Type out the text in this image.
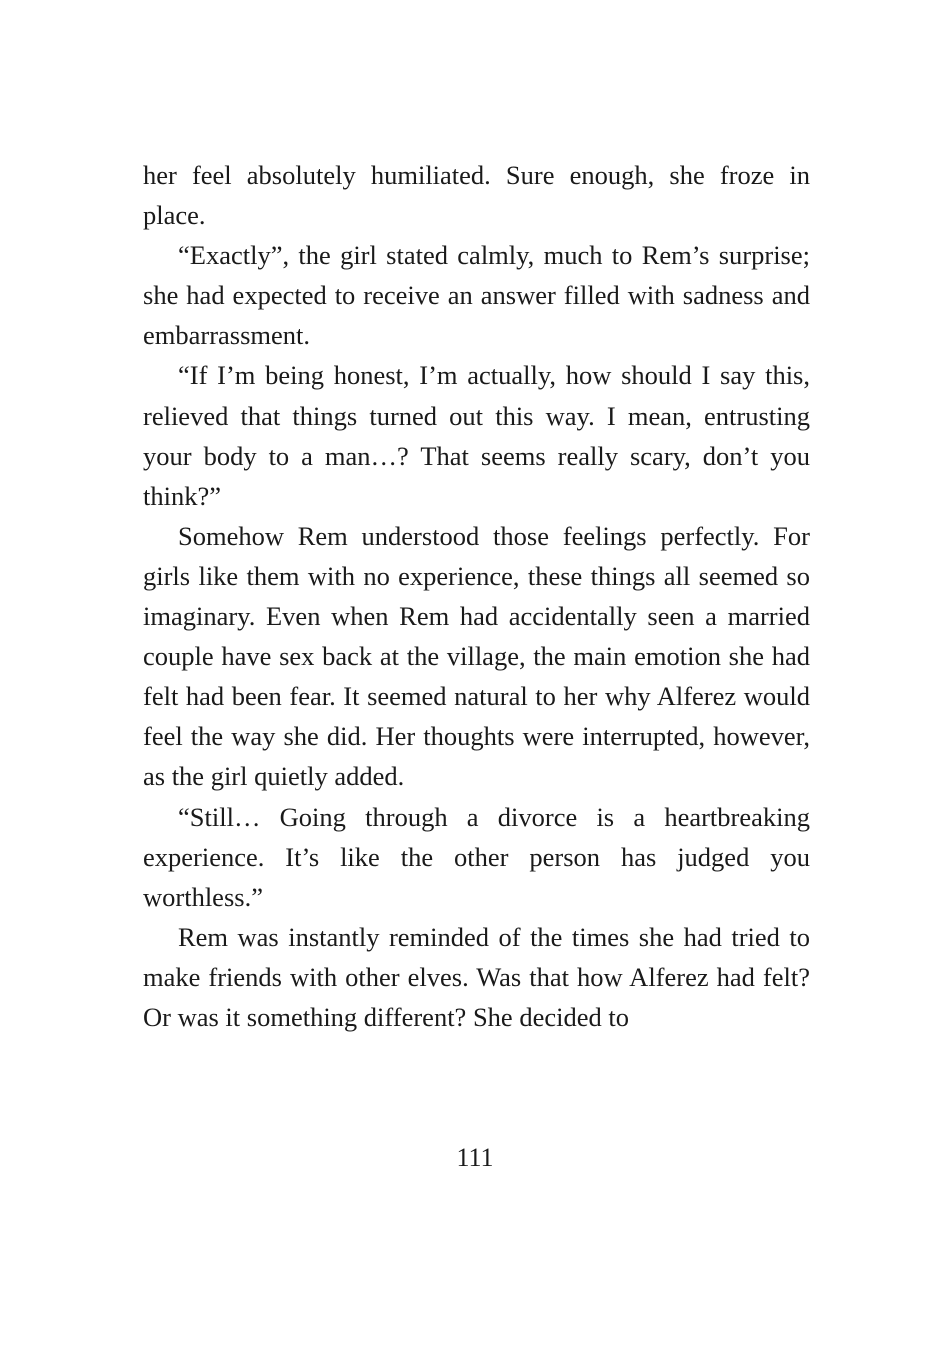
her feel absolutely humiliated. Sure enough, she froze in place.

“Exactly”, the girl stated calmly, much to Rem’s surprise; she had expected to receive an answer filled with sadness and embarrassment.

“If I’m being honest, I’m actually, how should I say this, relieved that things turned out this way. I mean, entrusting your body to a man…? That seems really scary, don’t you think?”

Somehow Rem understood those feelings perfectly. For girls like them with no experience, these things all seemed so imaginary. Even when Rem had accidentally seen a married couple have sex back at the village, the main emotion she had felt had been fear. It seemed natural to her why Alferez would feel the way she did. Her thoughts were interrupted, however, as the girl quietly added.

“Still… Going through a divorce is a heartbreaking experience. It’s like the other person has judged you worthless.”

Rem was instantly reminded of the times she had tried to make friends with other elves. Was that how Alferez had felt? Or was it something different? She decided to

111
